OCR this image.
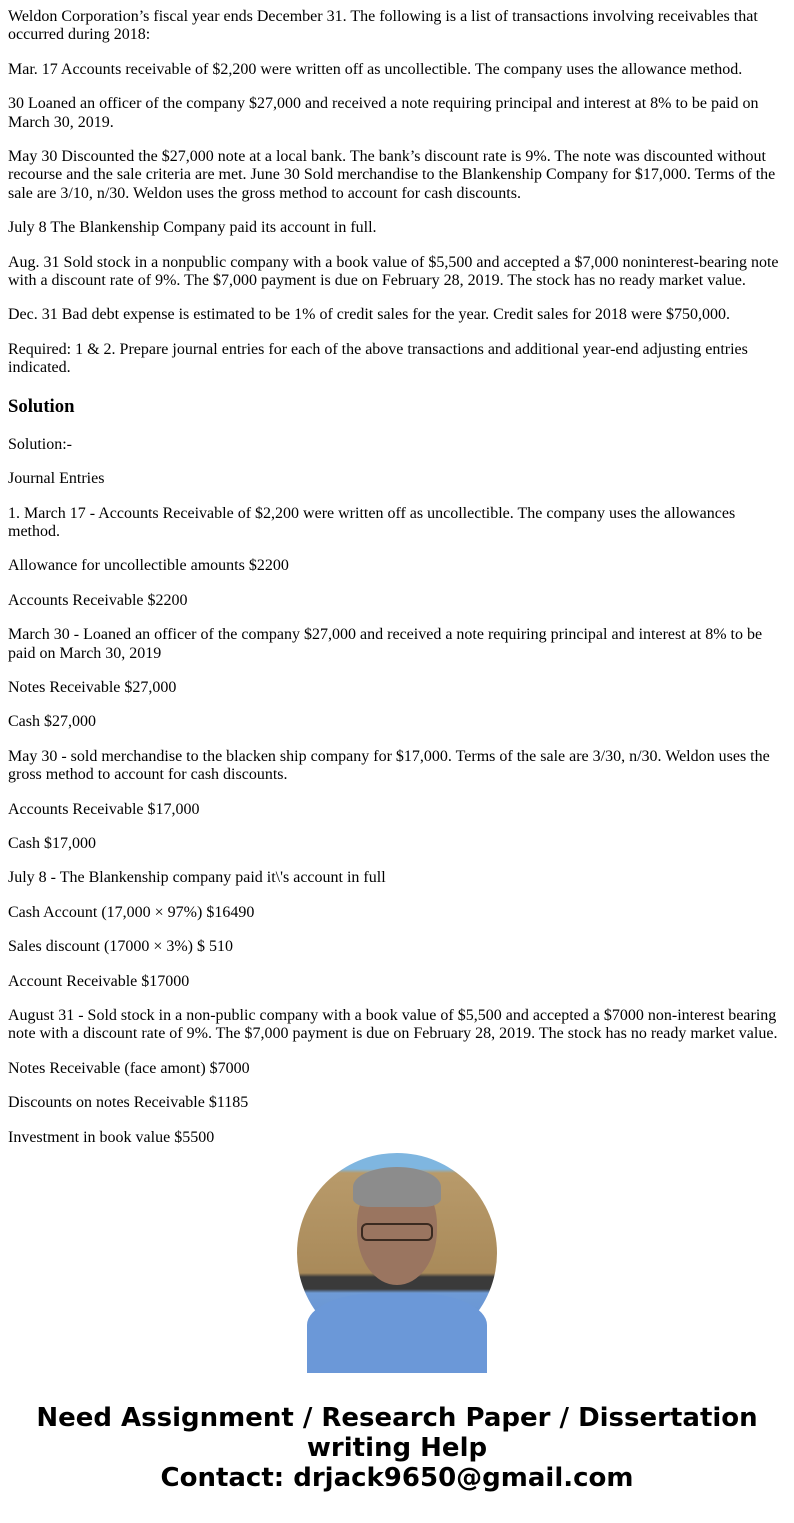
Weldon Corporation’s fiscal year ends December 31. The following is a list of transactions involving receivables that occurred during 2018:

Mar. 17 Accounts receivable of $2,200 were written off as uncollectible. The company uses the allowance method.

30 Loaned an officer of the company $27,000 and received a note requiring principal and interest at 8% to be paid on March 30, 2019.

May 30 Discounted the $27,000 note at a local bank. The bank’s discount rate is 9%. The note was discounted without recourse and the sale criteria are met. June 30 Sold merchandise to the Blankenship Company for $17,000. Terms of the sale are 3/10, n/30. Weldon uses the gross method to account for cash discounts.

July 8 The Blankenship Company paid its account in full.

Aug. 31 Sold stock in a nonpublic company with a book value of $5,500 and accepted a $7,000 noninterest-bearing note with a discount rate of 9%. The $7,000 payment is due on February 28, 2019. The stock has no ready market value.

Dec. 31 Bad debt expense is estimated to be 1% of credit sales for the year. Credit sales for 2018 were $750,000.

Required: 1 & 2. Prepare journal entries for each of the above transactions and additional year-end adjusting entries indicated.

Solution

Solution:-

Journal Entries

1. March 17 - Accounts Receivable of $2,200 were written off as uncollectible. The company uses the allowances method.

Allowance for uncollectible amounts $2200

Accounts Receivable $2200

March 30 - Loaned an officer of the company $27,000 and received a note requiring principal and interest at 8% to be paid on March 30, 2019

Notes Receivable $27,000

Cash $27,000

May 30 - sold merchandise to the blacken ship company for $17,000. Terms of the sale are 3/30, n/30. Weldon uses the gross method to account for cash discounts.

Accounts Receivable $17,000

Cash $17,000

July 8 - The Blankenship company paid it\'s account in full

Cash Account (17,000 × 97%) $16490

Sales discount (17000 × 3%) $ 510

Account Receivable $17000

August 31 - Sold stock in a non-public company with a book value of $5,500 and accepted a $7000 non-interest bearing note with a discount rate of 9%. The $7,000 payment is due on February 28, 2019. The stock has no ready market value.

Notes Receivable (face amont) $7000

Discounts on notes Receivable $1185

Investment in book value $5500

Need Assignment / Research Paper / Dissertation writing Help
Contact: drjack9650@gmail.com
